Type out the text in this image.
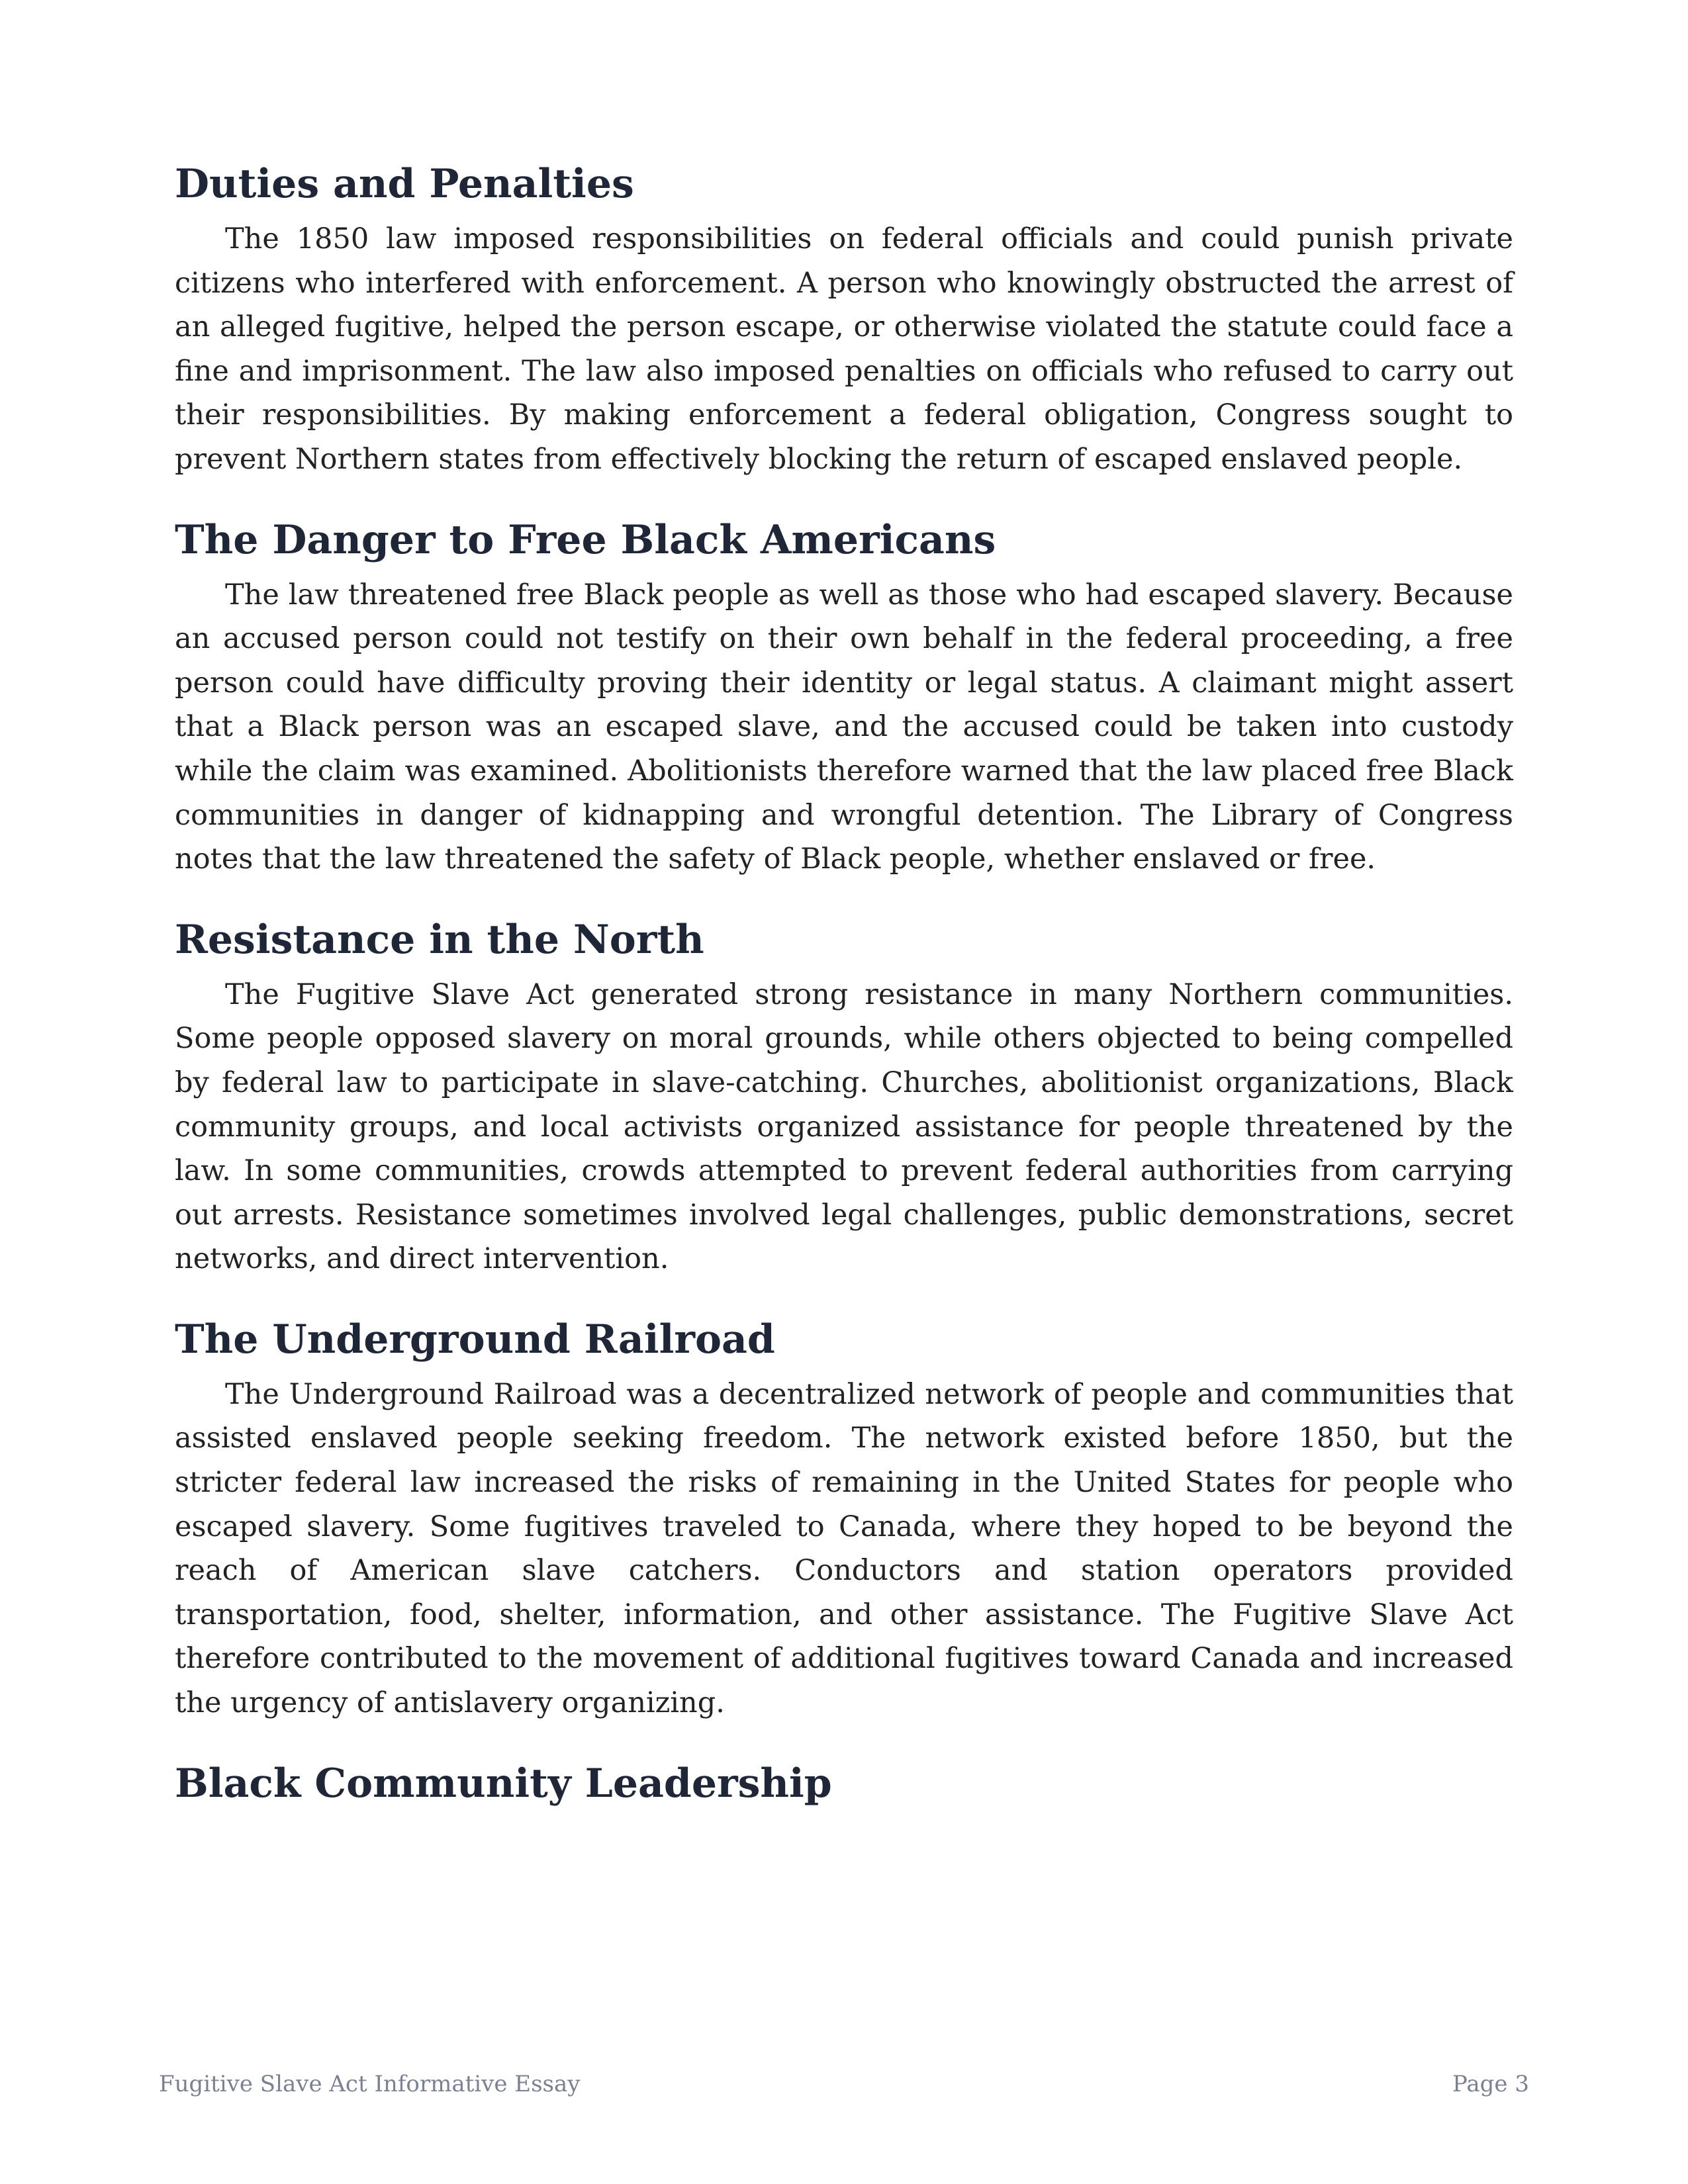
Duties and Penalties

The 1850 law imposed responsibilities on federal officials and could punish private citizens who interfered with enforcement. A person who knowingly obstructed the arrest of an alleged fugitive, helped the person escape, or otherwise violated the statute could face a fine and imprisonment. The law also imposed penalties on officials who refused to carry out their responsibilities. By making enforcement a federal obligation, Congress sought to prevent Northern states from effectively blocking the return of escaped enslaved people.

The Danger to Free Black Americans

The law threatened free Black people as well as those who had escaped slavery. Because an accused person could not testify on their own behalf in the federal proceeding, a free person could have difficulty proving their identity or legal status. A claimant might assert that a Black person was an escaped slave, and the accused could be taken into custody while the claim was examined. Abolitionists therefore warned that the law placed free Black communities in danger of kidnapping and wrongful detention. The Library of Congress notes that the law threatened the safety of Black people, whether enslaved or free.

Resistance in the North

The Fugitive Slave Act generated strong resistance in many Northern communities. Some people opposed slavery on moral grounds, while others objected to being compelled by federal law to participate in slave-catching. Churches, abolitionist organizations, Black community groups, and local activists organized assistance for people threatened by the law. In some communities, crowds attempted to prevent federal authorities from carrying out arrests. Resistance sometimes involved legal challenges, public demonstrations, secret networks, and direct intervention.

The Underground Railroad

The Underground Railroad was a decentralized network of people and communities that assisted enslaved people seeking freedom. The network existed before 1850, but the stricter federal law increased the risks of remaining in the United States for people who escaped slavery. Some fugitives traveled to Canada, where they hoped to be beyond the reach of American slave catchers. Conductors and station operators provided transportation, food, shelter, information, and other assistance. The Fugitive Slave Act therefore contributed to the movement of additional fugitives toward Canada and increased the urgency of antislavery organizing.

Black Community Leadership
Fugitive Slave Act Informative Essay	Page 3
